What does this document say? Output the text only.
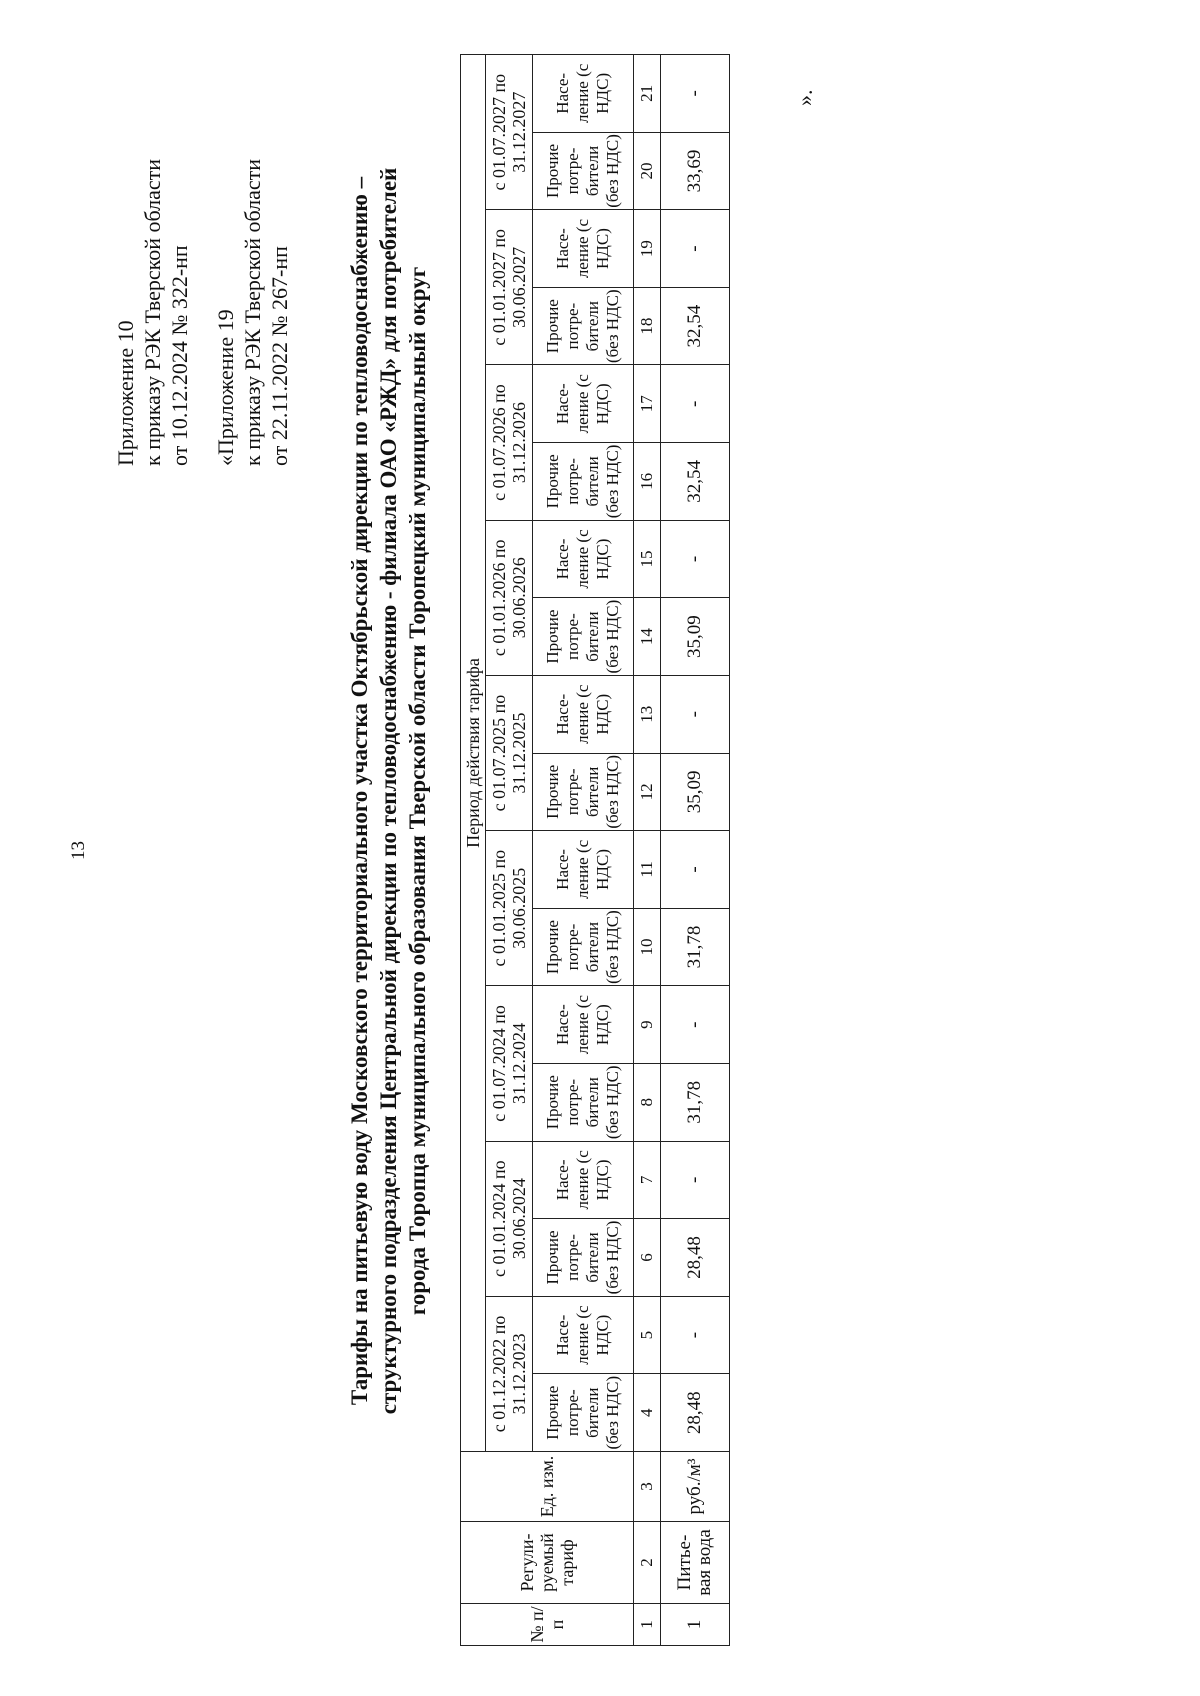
13
Приложение 10 к приказу РЭК Тверской области от 10.12.2024 № 322-нп «Приложение 19 к приказу РЭК Тверской области от 22.11.2022 № 267-нп Тарифы на питьевую воду Московского территориального участка Октябрьской дирекции по тепловодоснабжению – структурного подразделения Центральной дирекции по тепловодоснабжению - филиала ОАО «РЖД» для потребителей города Торопца муниципального образования Тверской области Торопецкий муниципальный округ
№ п/п	Регули-руемый тариф	Ед. изм.	Период действия тарифа																	
			с 01.12.2022 по 31.12.2023		с 01.01.2024 по 30.06.2024		с 01.07.2024 по 31.12.2024		с 01.01.2025 по 30.06.2025		с 01.07.2025 по 31.12.2025		с 01.01.2026 по 30.06.2026		с 01.07.2026 по 31.12.2026		с 01.01.2027 по 30.06.2027		с 01.07.2027 по 31.12.2027	
			Прочие потре-бители (без НДС)	Насе-ление (с НДС)	Прочие потре-бители (без НДС)	Насе-ление (с НДС)	Прочие потре-бители (без НДС)	Насе-ление (с НДС)	Прочие потре-бители (без НДС)	Насе-ление (с НДС)	Прочие потре-бители (без НДС)	Насе-ление (с НДС)	Прочие потре-бители (без НДС)	Насе-ление (с НДС)	Прочие потре-бители (без НДС)	Насе-ление (с НДС)	Прочие потре-бители (без НДС)	Насе-ление (с НДС)	Прочие потре-бители (без НДС)	Насе-ление (с НДС)
1	2	3	4	5	6	7	8	9	10	11	12	13	14	15	16	17	18	19	20	21
1	Питье-вая вода	руб./м³	28,48	-	28,48	-	31,78	-	31,78	-	35,09	-	35,09	-	32,54	-	32,54	-	33,69	-	».
